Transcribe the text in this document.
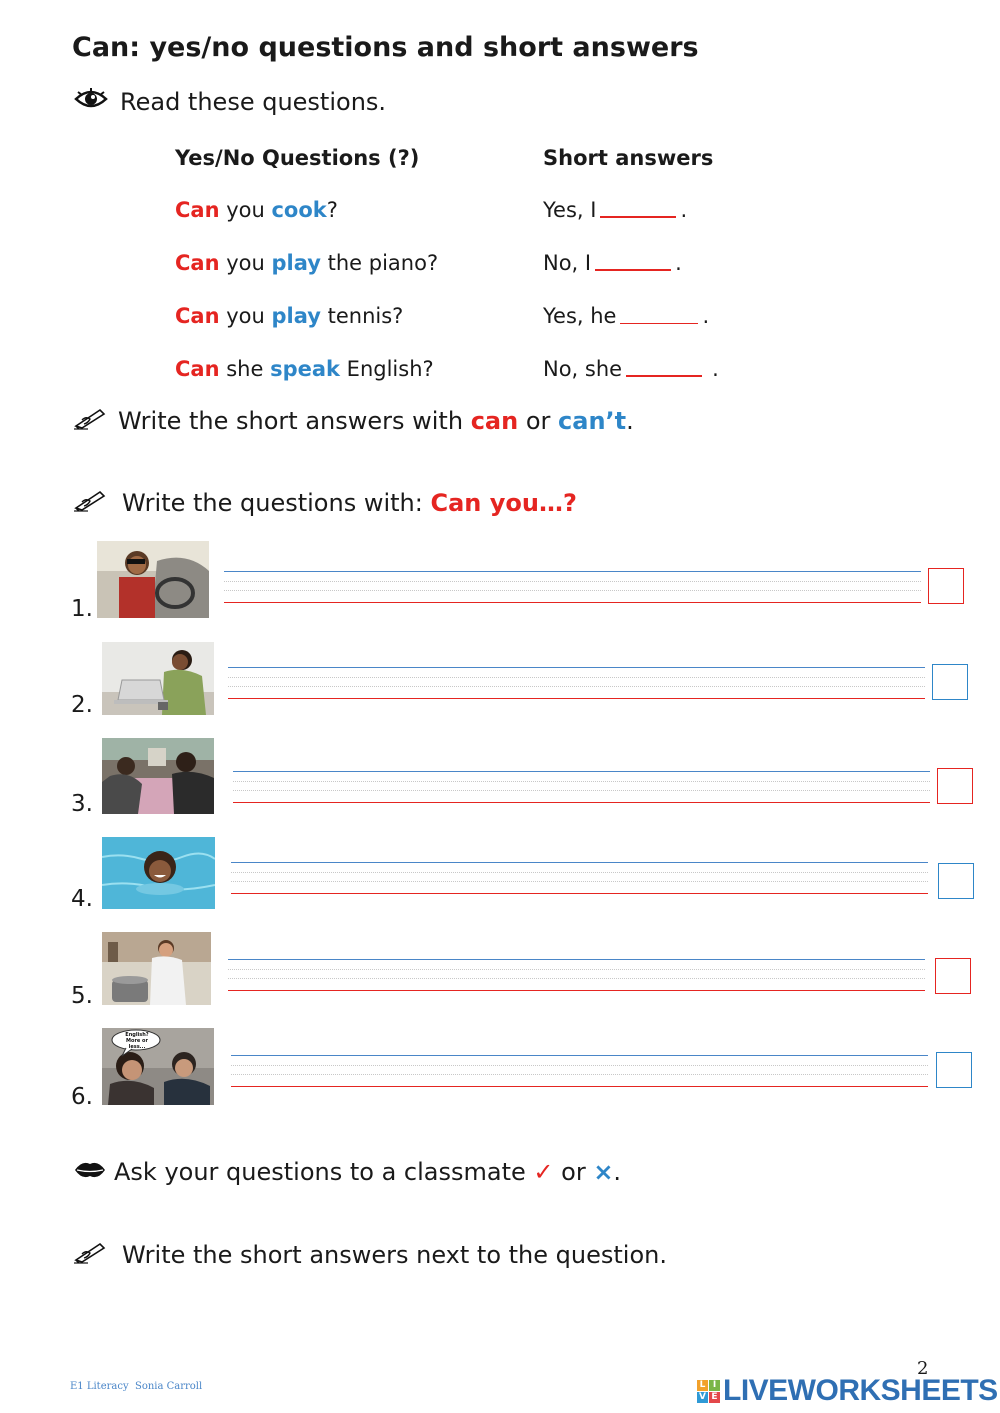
Can: yes/no questions and short answers
Read these questions.
Yes/No Questions (?)	Short answers
Can you cook?	Yes, I	.
Can you play the piano?	No, I	.
Can you play tennis?	Yes, he	.
Can she speak English?	No, she	.
Write the short answers with can or can’t .
Write the questions with: Can you…?
1.
2.
3.
4.
5.
6.
English?
More or less...
Ask your questions to a classmate ✓ or × .
Write the short answers next to the question.
E1 Literacy  Sonia Carroll
2
L I
V E LIVEWORKSHEETS
